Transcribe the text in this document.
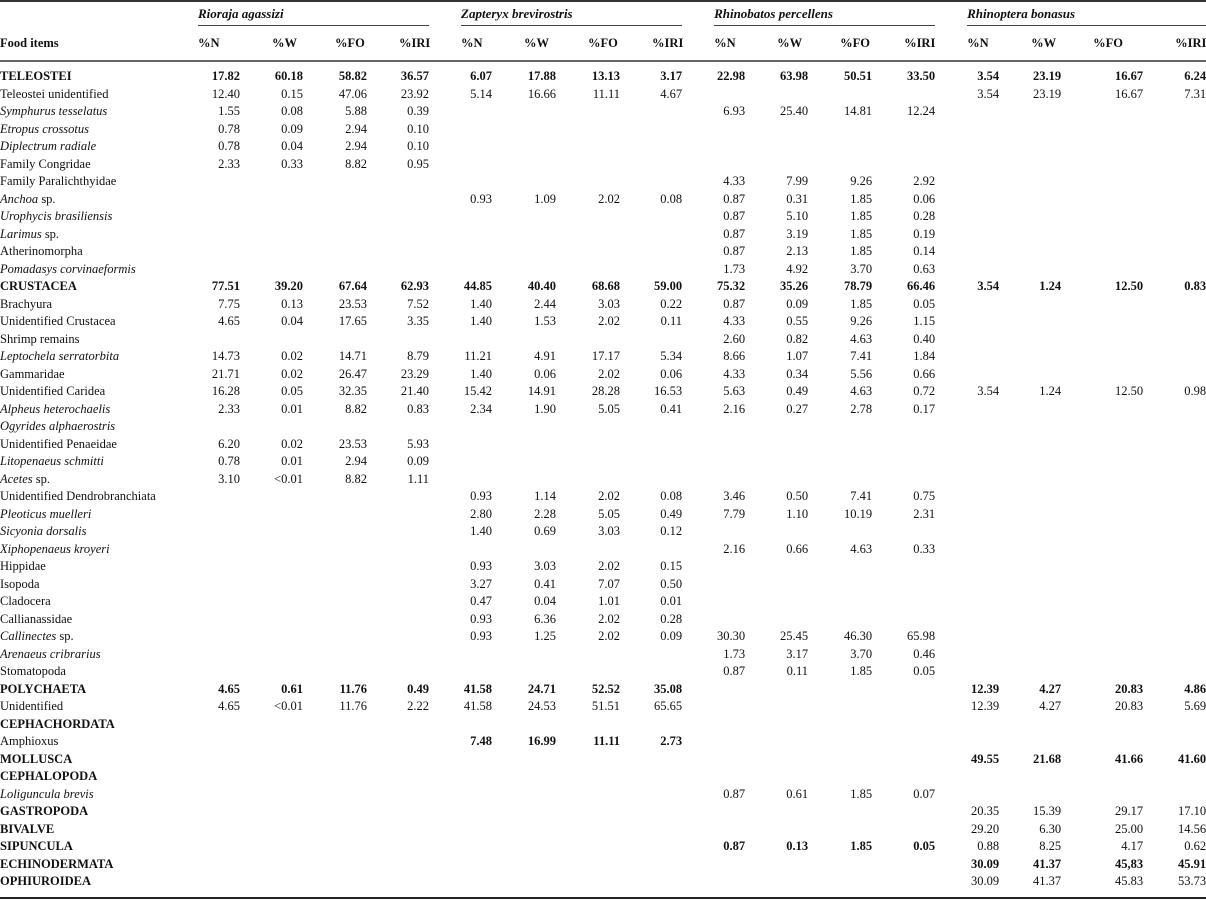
	Rioraja agassizi				Zapteryx brevirostris				Rhinobatos percellens				Rhinoptera bonasus			

Food items	%N	%W	%FO	%IRI	%N	%W	%FO	%IRI	%N	%W	%FO	%IRI	%N	%W	%FO	%IRI
TELEOSTEI	17.82	60.18	58.82	36.57	6.07	17.88	13.13	3.17	22.98	63.98	50.51	33.50	3.54	23.19	16.67	6.24
Teleostei unidentified	12.40	0.15	47.06	23.92	5.14	16.66	11.11	4.67					3.54	23.19	16.67	7.31
Symphurus tesselatus	1.55	0.08	5.88	0.39					6.93	25.40	14.81	12.24				
Etropus crossotus	0.78	0.09	2.94	0.10												
Diplectrum radiale	0.78	0.04	2.94	0.10												
Family Congridae	2.33	0.33	8.82	0.95												
Family Paralichthyidae									4.33	7.99	9.26	2.92				
Anchoa sp.					0.93	1.09	2.02	0.08	0.87	0.31	1.85	0.06				
Urophycis brasiliensis									0.87	5.10	1.85	0.28				
Larimus sp.									0.87	3.19	1.85	0.19				
Atherinomorpha									0.87	2.13	1.85	0.14				
Pomadasys corvinaeformis									1.73	4.92	3.70	0.63				
CRUSTACEA	77.51	39.20	67.64	62.93	44.85	40.40	68.68	59.00	75.32	35.26	78.79	66.46	3.54	1.24	12.50	0.83
Brachyura	7.75	0.13	23.53	7.52	1.40	2.44	3.03	0.22	0.87	0.09	1.85	0.05				
Unidentified Crustacea	4.65	0.04	17.65	3.35	1.40	1.53	2.02	0.11	4.33	0.55	9.26	1.15				
Shrimp remains									2.60	0.82	4.63	0.40				
Leptochela serratorbita	14.73	0.02	14.71	8.79	11.21	4.91	17.17	5.34	8.66	1.07	7.41	1.84				
Gammaridae	21.71	0.02	26.47	23.29	1.40	0.06	2.02	0.06	4.33	0.34	5.56	0.66				
Unidentified Caridea	16.28	0.05	32.35	21.40	15.42	14.91	28.28	16.53	5.63	0.49	4.63	0.72	3.54	1.24	12.50	0.98
Alpheus heterochaelis	2.33	0.01	8.82	0.83	2.34	1.90	5.05	0.41	2.16	0.27	2.78	0.17				
Ogyrides alphaerostris																
Unidentified Penaeidae	6.20	0.02	23.53	5.93												
Litopenaeus schmitti	0.78	0.01	2.94	0.09												
Acetes sp.	3.10	<0.01	8.82	1.11												
Unidentified Dendrobranchiata					0.93	1.14	2.02	0.08	3.46	0.50	7.41	0.75				
Pleoticus muelleri					2.80	2.28	5.05	0.49	7.79	1.10	10.19	2.31				
Sicyonia dorsalis					1.40	0.69	3.03	0.12								
Xiphopenaeus kroyeri									2.16	0.66	4.63	0.33				
Hippidae					0.93	3.03	2.02	0.15								
Isopoda					3.27	0.41	7.07	0.50								
Cladocera					0.47	0.04	1.01	0.01								
Callianassidae					0.93	6.36	2.02	0.28								
Callinectes sp.					0.93	1.25	2.02	0.09	30.30	25.45	46.30	65.98				
Arenaeus cribrarius									1.73	3.17	3.70	0.46				
Stomatopoda									0.87	0.11	1.85	0.05				
POLYCHAETA	4.65	0.61	11.76	0.49	41.58	24.71	52.52	35.08					12.39	4.27	20.83	4.86
Unidentified	4.65	<0.01	11.76	2.22	41.58	24.53	51.51	65.65					12.39	4.27	20.83	5.69
CEPHACHORDATA																
Amphioxus					7.48	16.99	11.11	2.73								
MOLLUSCA													49.55	21.68	41.66	41.60
CEPHALOPODA																
Loliguncula brevis									0.87	0.61	1.85	0.07				
GASTROPODA													20.35	15.39	29.17	17.10
BIVALVE													29.20	6.30	25.00	14.56
SIPUNCULA									0.87	0.13	1.85	0.05	0.88	8.25	4.17	0.62
ECHINODERMATA													30.09	41.37	45,83	45.91
OPHIUROIDEA													30.09	41.37	45.83	53.73
